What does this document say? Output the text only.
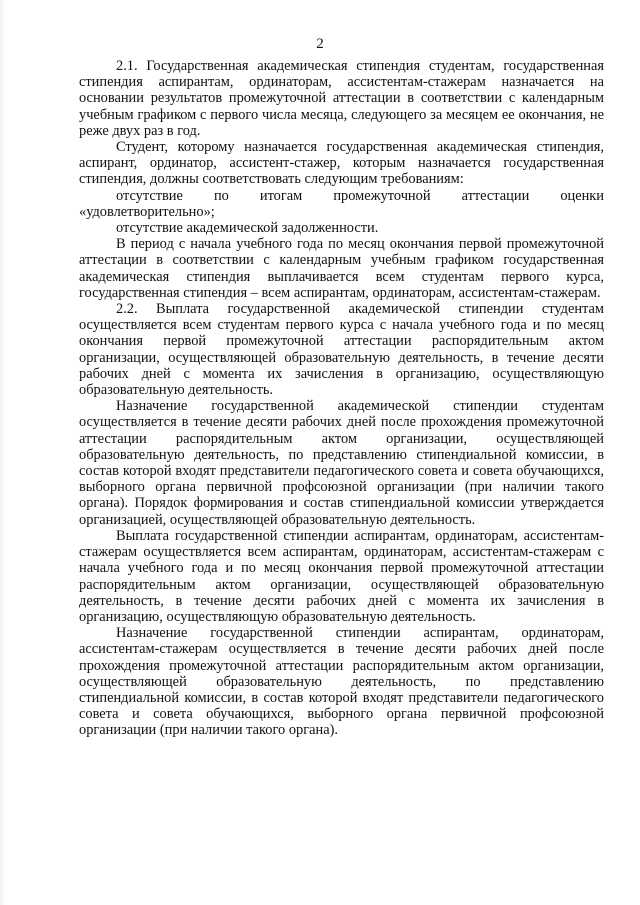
2

2.1. Государственная академическая стипендия студентам, государственная стипендия аспирантам, ординаторам, ассистентам-стажерам назначается на основании результатов промежуточной аттестации в соответствии с календарным учебным графиком с первого числа месяца, следующего за месяцем ее окончания, не реже двух раз в год.

Студент, которому назначается государственная академическая стипендия, аспирант, ординатор, ассистент-стажер, которым назначается государственная стипендия, должны соответствовать следующим требованиям:

отсутствие по итогам промежуточной аттестации оценки «удовлетворительно»;

отсутствие академической задолженности.

В период с начала учебного года по месяц окончания первой промежуточной аттестации в соответствии с календарным учебным графиком государственная академическая стипендия выплачивается всем студентам первого курса, государственная стипендия – всем аспирантам, ординаторам, ассистентам-стажерам.

2.2. Выплата государственной академической стипендии студентам осуществляется всем студентам первого курса с начала учебного года и по месяц окончания первой промежуточной аттестации распорядительным актом организации, осуществляющей образовательную деятельность, в течение десяти рабочих дней с момента их зачисления в организацию, осуществляющую образовательную деятельность.

Назначение государственной академической стипендии студентам осуществляется в течение десяти рабочих дней после прохождения промежуточной аттестации распорядительным актом организации, осуществляющей образовательную деятельность, по представлению стипендиальной комиссии, в состав которой входят представители педагогического совета и совета обучающихся, выборного органа первичной профсоюзной организации (при наличии такого органа). Порядок формирования и состав стипендиальной комиссии утверждается организацией, осуществляющей образовательную деятельность.

Выплата государственной стипендии аспирантам, ординаторам, ассистентам-стажерам осуществляется всем аспирантам, ординаторам, ассистентам-стажерам с начала учебного года и по месяц окончания первой промежуточной аттестации распорядительным актом организации, осуществляющей образовательную деятельность, в течение десяти рабочих дней с момента их зачисления в организацию, осуществляющую образовательную деятельность.

Назначение государственной стипендии аспирантам, ординаторам, ассистентам-стажерам осуществляется в течение десяти рабочих дней после прохождения промежуточной аттестации распорядительным актом организации, осуществляющей образовательную деятельность, по представлению стипендиальной комиссии, в состав которой входят представители педагогического совета и совета обучающихся, выборного органа первичной профсоюзной организации (при наличии такого органа).
